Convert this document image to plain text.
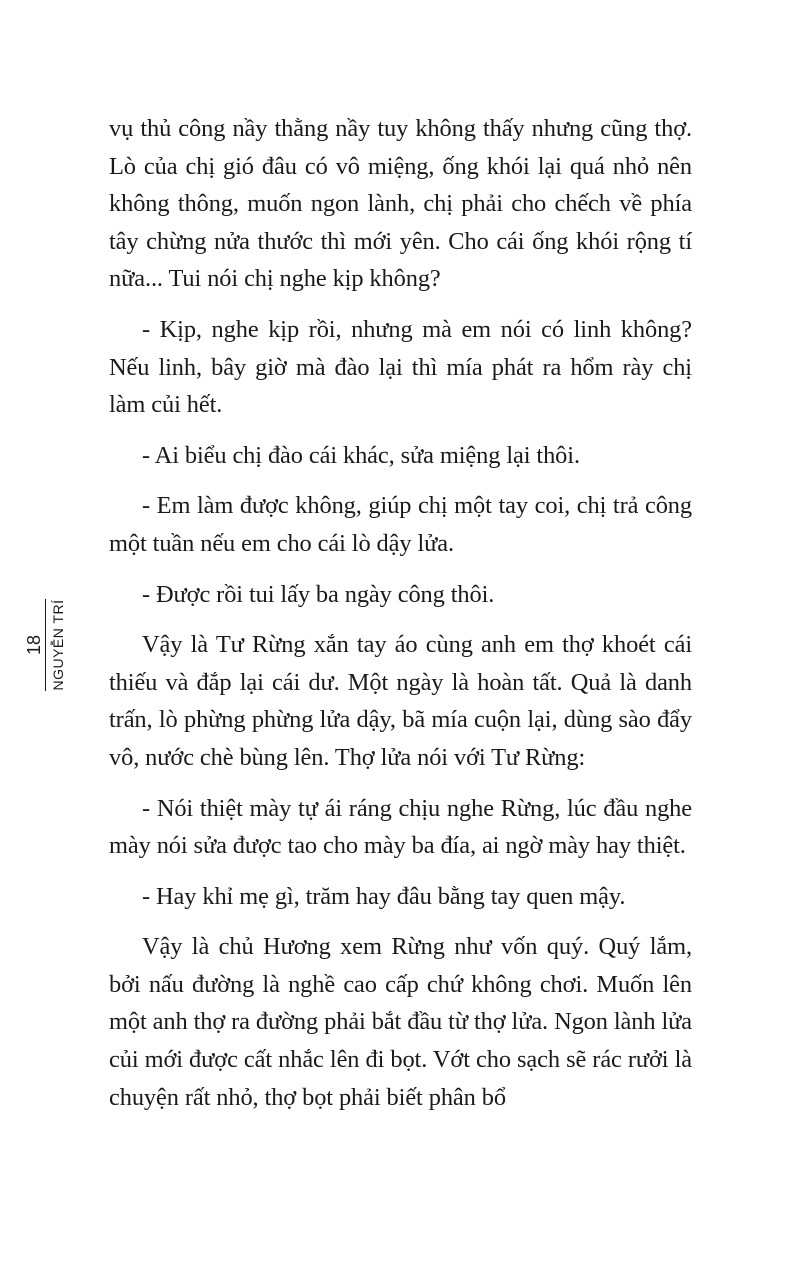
18 NGUYỄN TRÍ

vụ thủ công nầy thằng nầy tuy không thấy nhưng cũng thợ. Lò của chị gió đâu có vô miệng, ống khói lại quá nhỏ nên không thông, muốn ngon lành, chị phải cho chếch về phía tây chừng nửa thước thì mới yên. Cho cái ống khói rộng tí nữa... Tui nói chị nghe kịp không?

- Kịp, nghe kịp rồi, nhưng mà em nói có linh không? Nếu linh, bây giờ mà đào lại thì mía phát ra hổm rày chị làm củi hết.

- Ai biểu chị đào cái khác, sửa miệng lại thôi.

- Em làm được không, giúp chị một tay coi, chị trả công một tuần nếu em cho cái lò dậy lửa.

- Được rồi tui lấy ba ngày công thôi.

Vậy là Tư Rừng xắn tay áo cùng anh em thợ khoét cái thiếu và đắp lại cái dư. Một ngày là hoàn tất. Quả là danh trấn, lò phừng phừng lửa dậy, bã mía cuộn lại, dùng sào đẩy vô, nước chè bùng lên. Thợ lửa nói với Tư Rừng:

- Nói thiệt mày tự ái ráng chịu nghe Rừng, lúc đầu nghe mày nói sửa được tao cho mày ba đía, ai ngờ mày hay thiệt.

- Hay khỉ mẹ gì, trăm hay đâu bằng tay quen mậy.

Vậy là chủ Hương xem Rừng như vốn quý. Quý lắm, bởi nấu đường là nghề cao cấp chứ không chơi. Muốn lên một anh thợ ra đường phải bắt đầu từ thợ lửa. Ngon lành lửa củi mới được cất nhắc lên đi bọt. Vớt cho sạch sẽ rác rưởi là chuyện rất nhỏ, thợ bọt phải biết phân bổ
